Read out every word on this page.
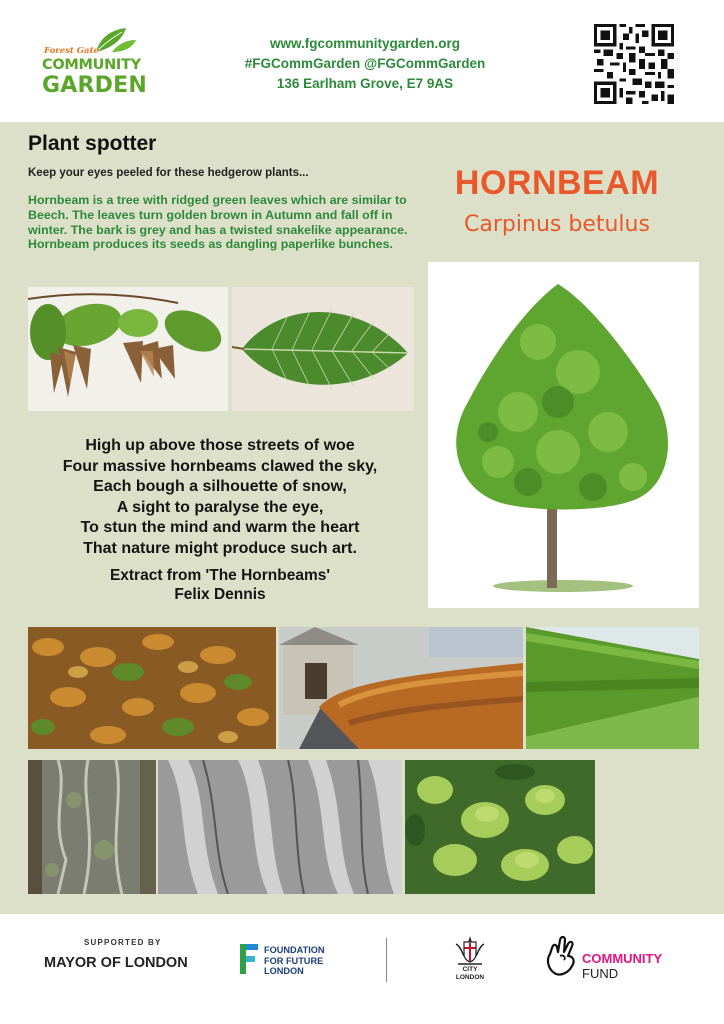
Forest Gate
COMMUNITY
GARDEN
www.fgcommunitygarden.org
#FGCommGarden @FGCommGarden
136 Earlham Grove, E7 9AS
Plant spotter

Keep your eyes peeled for these hedgerow plants...

Hornbeam is a tree with ridged green leaves which are similar to Beech. The leaves turn golden brown in Autumn and fall off in winter. The bark is grey and has a twisted snakelike appearance. Hornbeam produces its seeds as dangling paperlike bunches.

HORNBEAM
Carpinus betulus
High up above those streets of woe
Four massive hornbeams clawed the sky,
Each bough a silhouette of snow,
A sight to paralyse the eye,
To stun the mind and warm the heart
That nature might produce such art.
Extract from 'The Hornbeams'
Felix Dennis
SUPPORTED BY
MAYOR OF LONDON
FOUNDATION
FOR FUTURE
LONDON	CITY
LONDON
COMMUNITY
FUND
